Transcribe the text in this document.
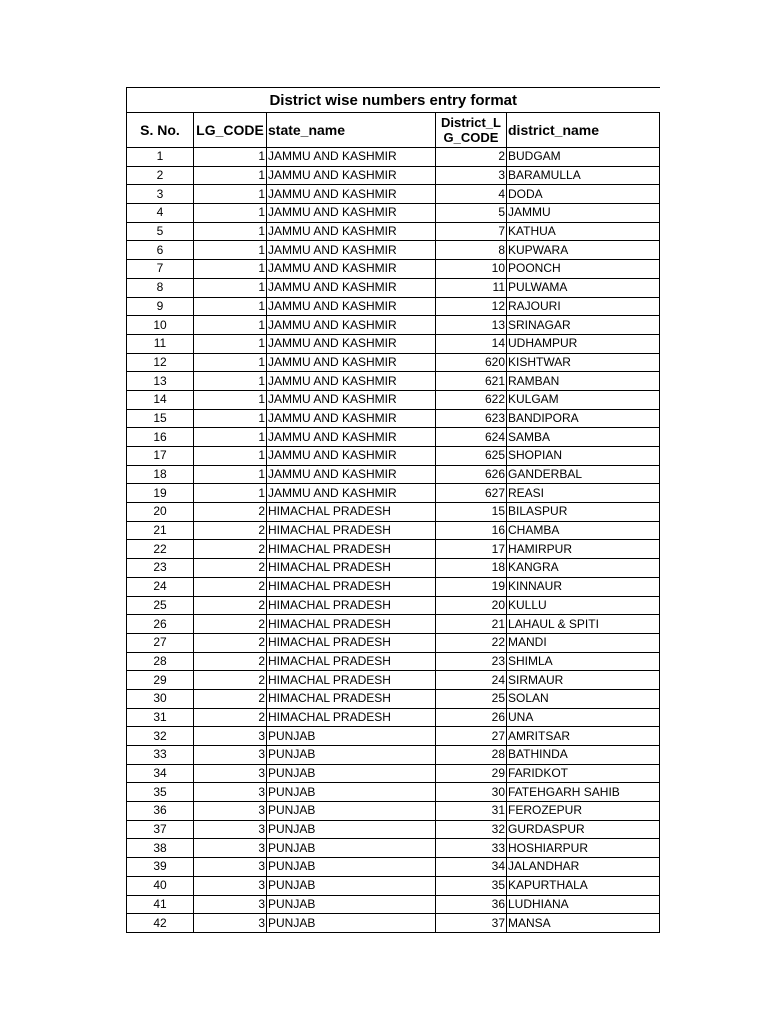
District wise numbers entry format				
S. No.	LG_CODE	state_name	District_LG_CODE	district_name
1	1	JAMMU AND KASHMIR	2	BUDGAM
2	1	JAMMU AND KASHMIR	3	BARAMULLA
3	1	JAMMU AND KASHMIR	4	DODA
4	1	JAMMU AND KASHMIR	5	JAMMU
5	1	JAMMU AND KASHMIR	7	KATHUA
6	1	JAMMU AND KASHMIR	8	KUPWARA
7	1	JAMMU AND KASHMIR	10	POONCH
8	1	JAMMU AND KASHMIR	11	PULWAMA
9	1	JAMMU AND KASHMIR	12	RAJOURI
10	1	JAMMU AND KASHMIR	13	SRINAGAR
11	1	JAMMU AND KASHMIR	14	UDHAMPUR
12	1	JAMMU AND KASHMIR	620	KISHTWAR
13	1	JAMMU AND KASHMIR	621	RAMBAN
14	1	JAMMU AND KASHMIR	622	KULGAM
15	1	JAMMU AND KASHMIR	623	BANDIPORA
16	1	JAMMU AND KASHMIR	624	SAMBA
17	1	JAMMU AND KASHMIR	625	SHOPIAN
18	1	JAMMU AND KASHMIR	626	GANDERBAL
19	1	JAMMU AND KASHMIR	627	REASI
20	2	HIMACHAL PRADESH	15	BILASPUR
21	2	HIMACHAL PRADESH	16	CHAMBA
22	2	HIMACHAL PRADESH	17	HAMIRPUR
23	2	HIMACHAL PRADESH	18	KANGRA
24	2	HIMACHAL PRADESH	19	KINNAUR
25	2	HIMACHAL PRADESH	20	KULLU
26	2	HIMACHAL PRADESH	21	LAHAUL & SPITI
27	2	HIMACHAL PRADESH	22	MANDI
28	2	HIMACHAL PRADESH	23	SHIMLA
29	2	HIMACHAL PRADESH	24	SIRMAUR
30	2	HIMACHAL PRADESH	25	SOLAN
31	2	HIMACHAL PRADESH	26	UNA
32	3	PUNJAB	27	AMRITSAR
33	3	PUNJAB	28	BATHINDA
34	3	PUNJAB	29	FARIDKOT
35	3	PUNJAB	30	FATEHGARH SAHIB
36	3	PUNJAB	31	FEROZEPUR
37	3	PUNJAB	32	GURDASPUR
38	3	PUNJAB	33	HOSHIARPUR
39	3	PUNJAB	34	JALANDHAR
40	3	PUNJAB	35	KAPURTHALA
41	3	PUNJAB	36	LUDHIANA
42	3	PUNJAB	37	MANSA
